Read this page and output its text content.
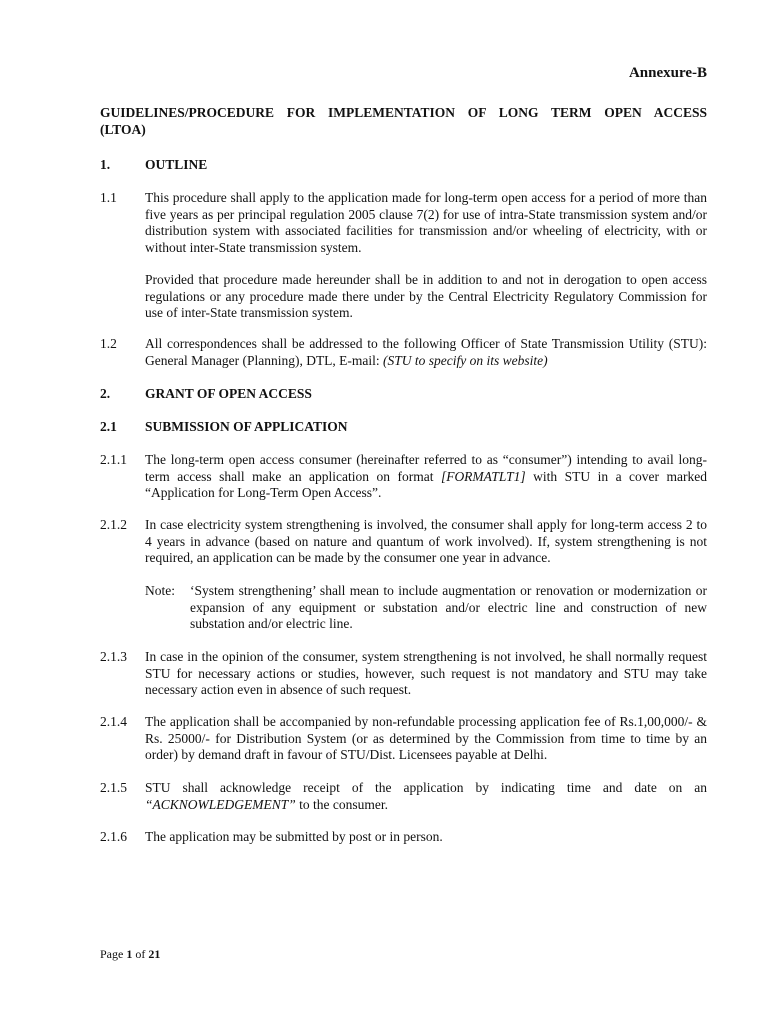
Annexure-B
GUIDELINES/PROCEDURE FOR IMPLEMENTATION OF LONG TERM OPEN ACCESS
(LTOA)
1.	OUTLINE
1.1	This procedure shall apply to the application made for long-term open access for a period of more than five years as per principal regulation 2005 clause 7(2) for use of intra-State transmission system and/or distribution system with associated facilities for transmission and/or wheeling of electricity, with or without inter-State transmission system.
Provided that procedure made hereunder shall be in addition to and not in derogation to open access regulations or any procedure made there under by the Central Electricity Regulatory Commission for use of inter-State transmission system.
1.2	All correspondences shall be addressed to the following Officer of State Transmission Utility (STU): General Manager (Planning), DTL, E-mail: (STU to specify on its website)
2.	GRANT OF OPEN ACCESS
2.1	SUBMISSION OF APPLICATION
2.1.1	The long-term open access consumer (hereinafter referred to as “consumer”) intending to avail long-term access shall make an application on format [FORMATLT1] with STU in a cover marked “Application for Long-Term Open Access”.
2.1.2	In case electricity system strengthening is involved, the consumer shall apply for long-term access 2 to 4 years in advance (based on nature and quantum of work involved). If, system strengthening is not required, an application can be made by the consumer one year in advance.
Note: ‘System strengthening’ shall mean to include augmentation or renovation or modernization or expansion of any equipment or substation and/or electric line and construction of new substation and/or electric line.
2.1.3	In case in the opinion of the consumer, system strengthening is not involved, he shall normally request STU for necessary actions or studies, however, such request is not mandatory and STU may take necessary action even in absence of such request.
2.1.4	The application shall be accompanied by non-refundable processing application fee of Rs.1,00,000/- & Rs. 25000/- for Distribution System (or as determined by the Commission from time to time by an order) by demand draft in favour of STU/Dist. Licensees payable at Delhi.
2.1.5	STU shall acknowledge receipt of the application by indicating time and date on an “ACKNOWLEDGEMENT” to the consumer.
2.1.6	The application may be submitted by post or in person.
Page 1 of 21
